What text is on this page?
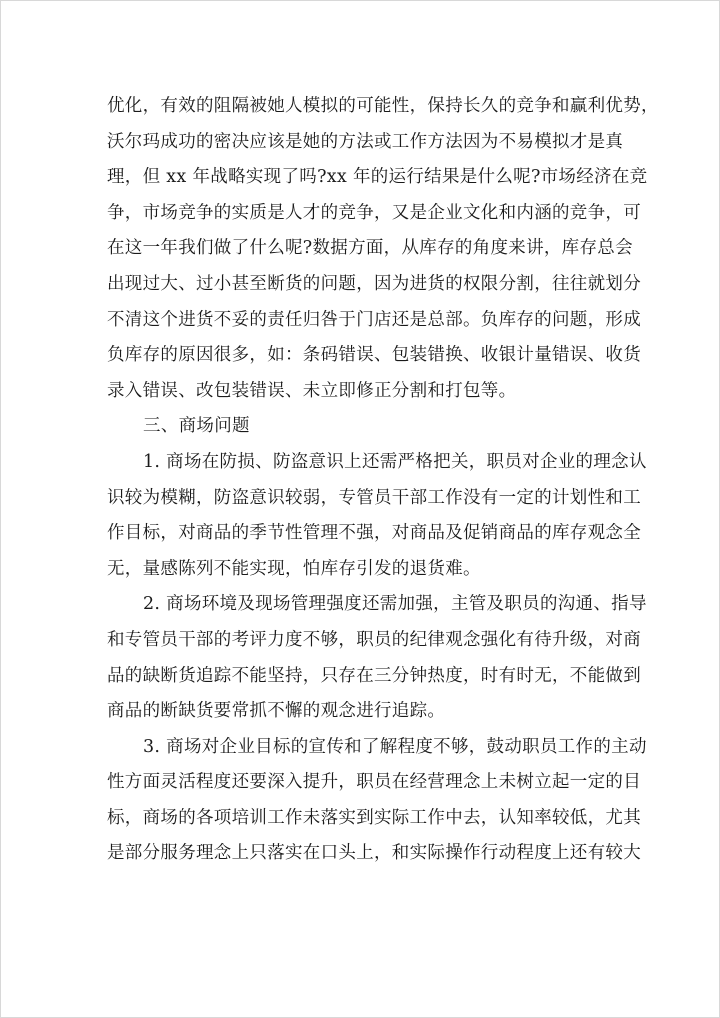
优化，有效的阻隔被她人模拟的可能性，保持长久的竞争和赢利优势，
沃尔玛成功的密决应该是她的方法或工作方法因为不易模拟才是真
理，但 xx 年战略实现了吗?xx 年的运行结果是什么呢?市场经济在竞
争，市场竞争的实质是人才的竞争，又是企业文化和内涵的竞争，可
在这一年我们做了什么呢?数据方面，从库存的角度来讲，库存总会
出现过大、过小甚至断货的问题，因为进货的权限分割，往往就划分
不清这个进货不妥的责任归咎于门店还是总部。负库存的问题，形成
负库存的原因很多，如：条码错误、包装错换、收银计量错误、收货
录入错误、改包装错误、未立即修正分割和打包等。
三、商场问题
1. 商场在防损、防盗意识上还需严格把关，职员对企业的理念认
识较为模糊，防盗意识较弱，专管员干部工作没有一定的计划性和工
作目标，对商品的季节性管理不强，对商品及促销商品的库存观念全
无，量感陈列不能实现，怕库存引发的退货难。
2. 商场环境及现场管理强度还需加强，主管及职员的沟通、指导
和专管员干部的考评力度不够，职员的纪律观念强化有待升级，对商
品的缺断货追踪不能坚持，只存在三分钟热度，时有时无，不能做到
商品的断缺货要常抓不懈的观念进行追踪。
3. 商场对企业目标的宣传和了解程度不够，鼓动职员工作的主动
性方面灵活程度还要深入提升，职员在经营理念上未树立起一定的目
标，商场的各项培训工作未落实到实际工作中去，认知率较低，尤其
是部分服务理念上只落实在口头上，和实际操作行动程度上还有较大
